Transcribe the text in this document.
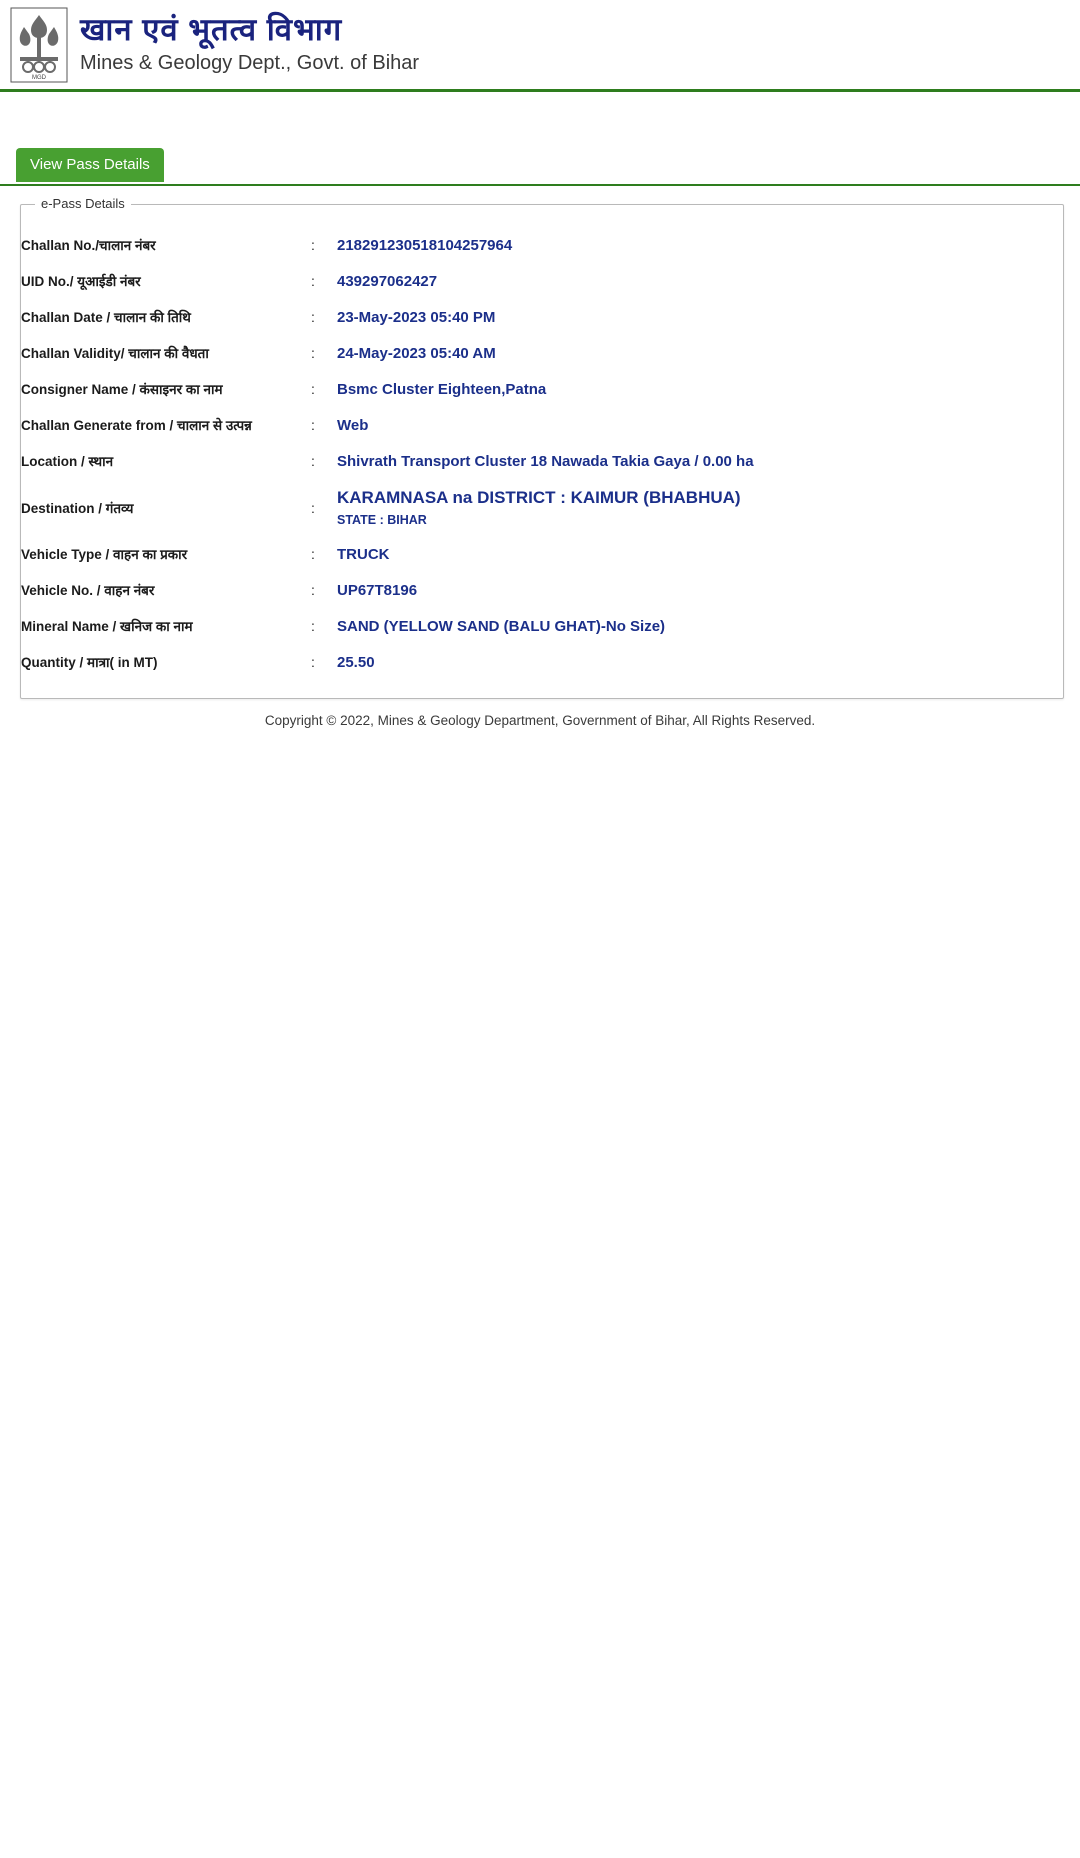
MGD
खान एवं भूतत्व विभाग
Mines & Geology Dept., Govt. of Bihar
View Pass Details
e-Pass Details
Challan No./चालान नंबर	:	218291230518104257964
UID No./ यूआईडी नंबर	:	439297062427
Challan Date / चालान की तिथि	:	23-May-2023 05:40 PM
Challan Validity/ चालान की वैधता	:	24-May-2023 05:40 AM
Consigner Name / कंसाइनर का नाम	:	Bsmc Cluster Eighteen,Patna
Challan Generate from / चालान से उत्पन्न	:	Web
Location / स्थान	:	Shivrath Transport Cluster 18 Nawada Takia Gaya / 0.00 ha
Destination / गंतव्य	:	KARAMNASA na DISTRICT : KAIMUR (BHABHUA)
STATE : BIHAR

Vehicle Type / वाहन का प्रकार	:	TRUCK
Vehicle No. / वाहन नंबर	:	UP67T8196
Mineral Name / खनिज का नाम	:	SAND (YELLOW SAND (BALU GHAT)-No Size)
Quantity / मात्रा( in MT)	:	25.50
Copyright © 2022, Mines & Geology Department, Government of Bihar, All Rights Reserved.
